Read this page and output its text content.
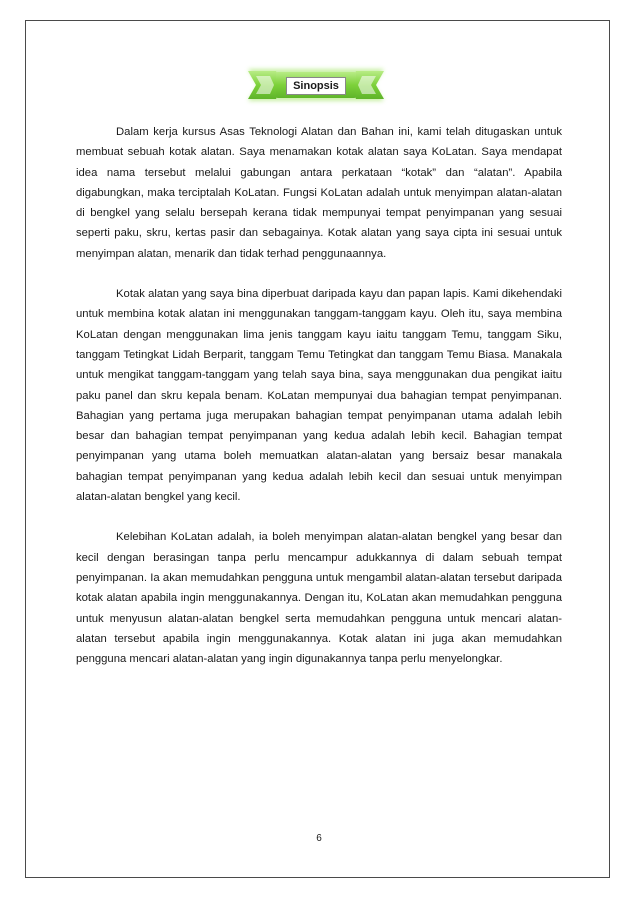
Sinopsis

Dalam kerja kursus Asas Teknologi Alatan dan Bahan ini, kami telah ditugaskan untuk membuat sebuah kotak alatan. Saya menamakan kotak alatan saya KoLatan. Saya mendapat idea nama tersebut melalui gabungan antara perkataan “kotak” dan “alatan”. Apabila digabungkan, maka terciptalah KoLatan. Fungsi KoLatan adalah untuk menyimpan alatan-alatan di bengkel yang selalu bersepah kerana tidak mempunyai tempat penyimpanan yang sesuai seperti paku, skru, kertas pasir dan sebagainya. Kotak alatan yang saya cipta ini sesuai untuk menyimpan alatan, menarik dan tidak terhad penggunaannya.

Kotak alatan yang saya bina diperbuat daripada kayu dan papan lapis. Kami dikehendaki untuk membina kotak alatan ini menggunakan tanggam-tanggam kayu. Oleh itu, saya membina KoLatan dengan menggunakan lima jenis tanggam kayu iaitu tanggam Temu, tanggam Siku, tanggam Tetingkat Lidah Berparit, tanggam Temu Tetingkat dan tanggam Temu Biasa. Manakala untuk mengikat tanggam-tanggam yang telah saya bina, saya menggunakan dua pengikat iaitu paku panel dan skru kepala benam. KoLatan mempunyai dua bahagian tempat penyimpanan. Bahagian yang pertama juga merupakan bahagian tempat penyimpanan utama adalah lebih besar dan bahagian tempat penyimpanan yang kedua adalah lebih kecil. Bahagian tempat penyimpanan yang utama boleh memuatkan alatan-alatan yang bersaiz besar manakala bahagian tempat penyimpanan yang kedua adalah lebih kecil dan sesuai untuk menyimpan alatan-alatan bengkel yang kecil.

Kelebihan KoLatan adalah, ia boleh menyimpan alatan-alatan bengkel yang besar dan kecil dengan berasingan tanpa perlu mencampur adukkannya di dalam sebuah tempat penyimpanan. Ia akan memudahkan pengguna untuk mengambil alatan-alatan tersebut daripada kotak alatan apabila ingin menggunakannya. Dengan itu, KoLatan akan memudahkan pengguna untuk menyusun alatan-alatan bengkel serta memudahkan pengguna untuk mencari alatan-alatan tersebut apabila ingin menggunakannya. Kotak alatan ini juga akan memudahkan pengguna mencari alatan-alatan yang ingin digunakannya tanpa perlu menyelongkar.

6
